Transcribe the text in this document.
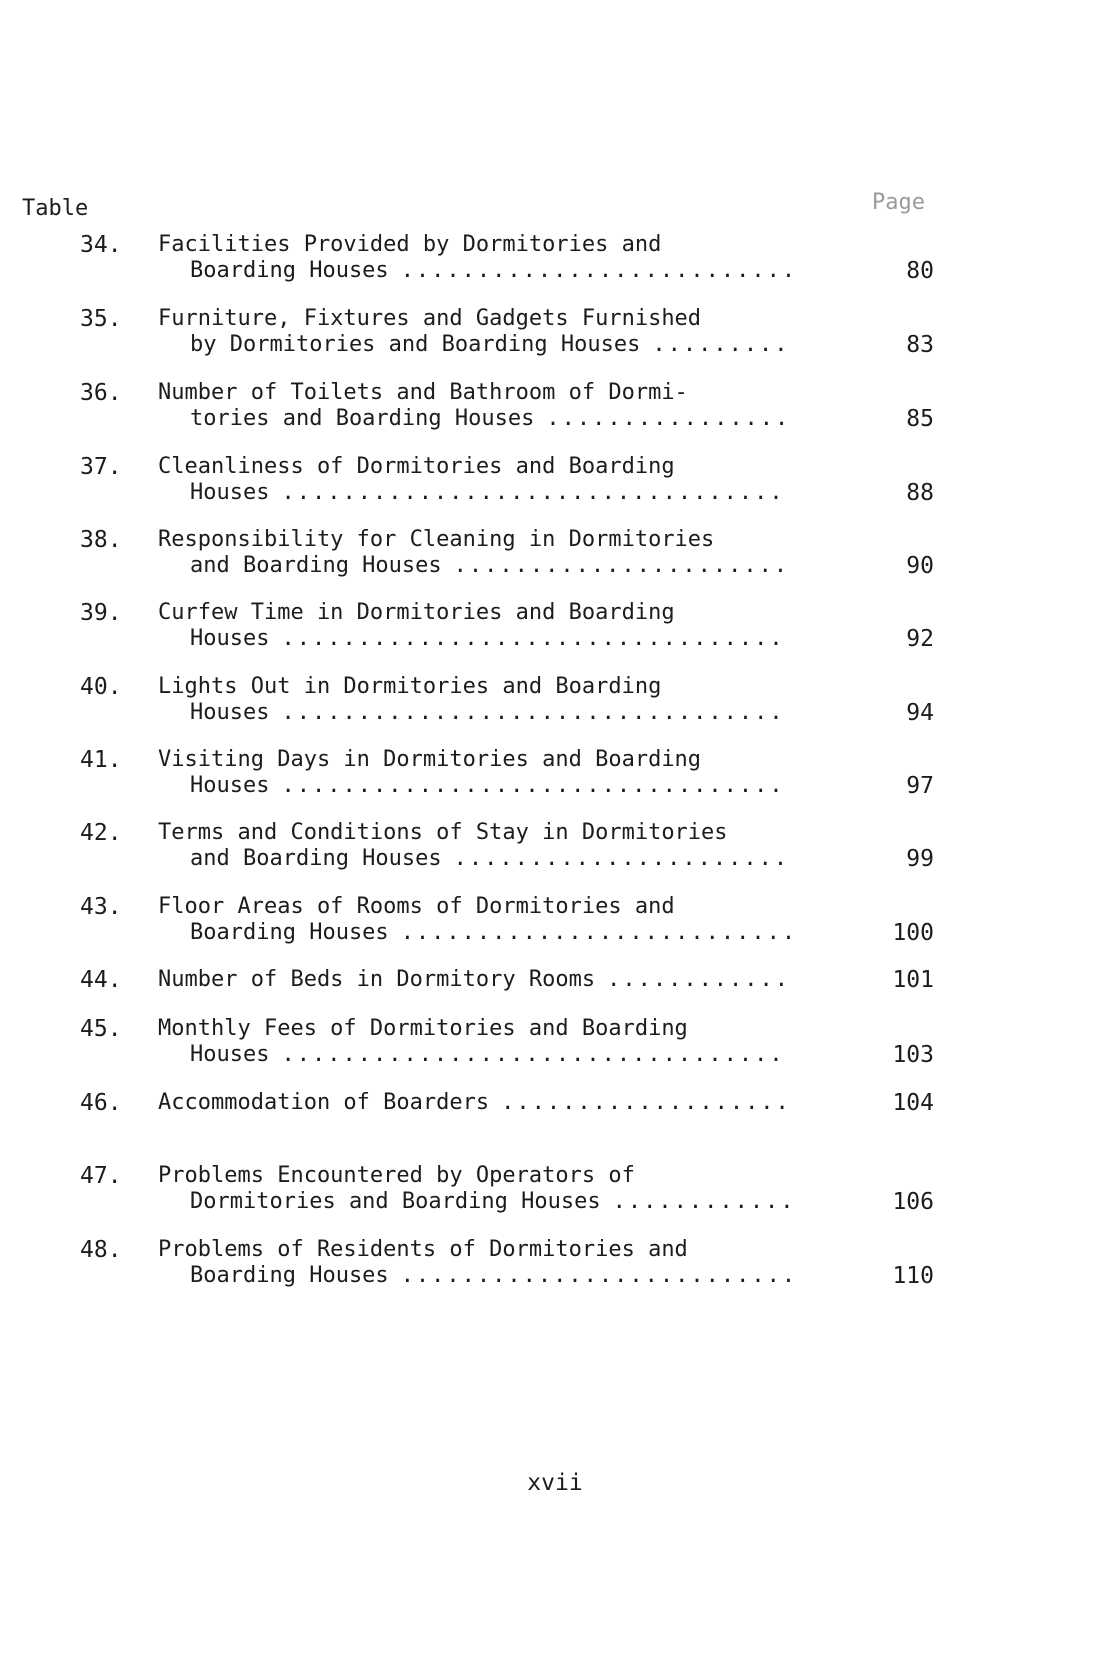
Table	Page
34. Facilities Provided by Dormitories and
Boarding Houses ..........................	80
35. Furniture, Fixtures and Gadgets Furnished
by Dormitories and Boarding Houses .........	83
36. Number of Toilets and Bathroom of Dormi-
tories and Boarding Houses ................	85
37. Cleanliness of Dormitories and Boarding
Houses .................................	88
38. Responsibility for Cleaning in Dormitories
and Boarding Houses ......................	90
39. Curfew Time in Dormitories and Boarding
Houses .................................	92
40. Lights Out in Dormitories and Boarding
Houses .................................	94
41. Visiting Days in Dormitories and Boarding
Houses .................................	97
42. Terms and Conditions of Stay in Dormitories
and Boarding Houses ......................	99
43. Floor Areas of Rooms of Dormitories and
Boarding Houses ..........................	100
44. Number of Beds in Dormitory Rooms ............	101
45. Monthly Fees of Dormitories and Boarding
Houses .................................	103
46. Accommodation of Boarders ...................	104
47. Problems Encountered by Operators of
Dormitories and Boarding Houses ............	106
48. Problems of Residents of Dormitories and
Boarding Houses ..........................	110
xvii
